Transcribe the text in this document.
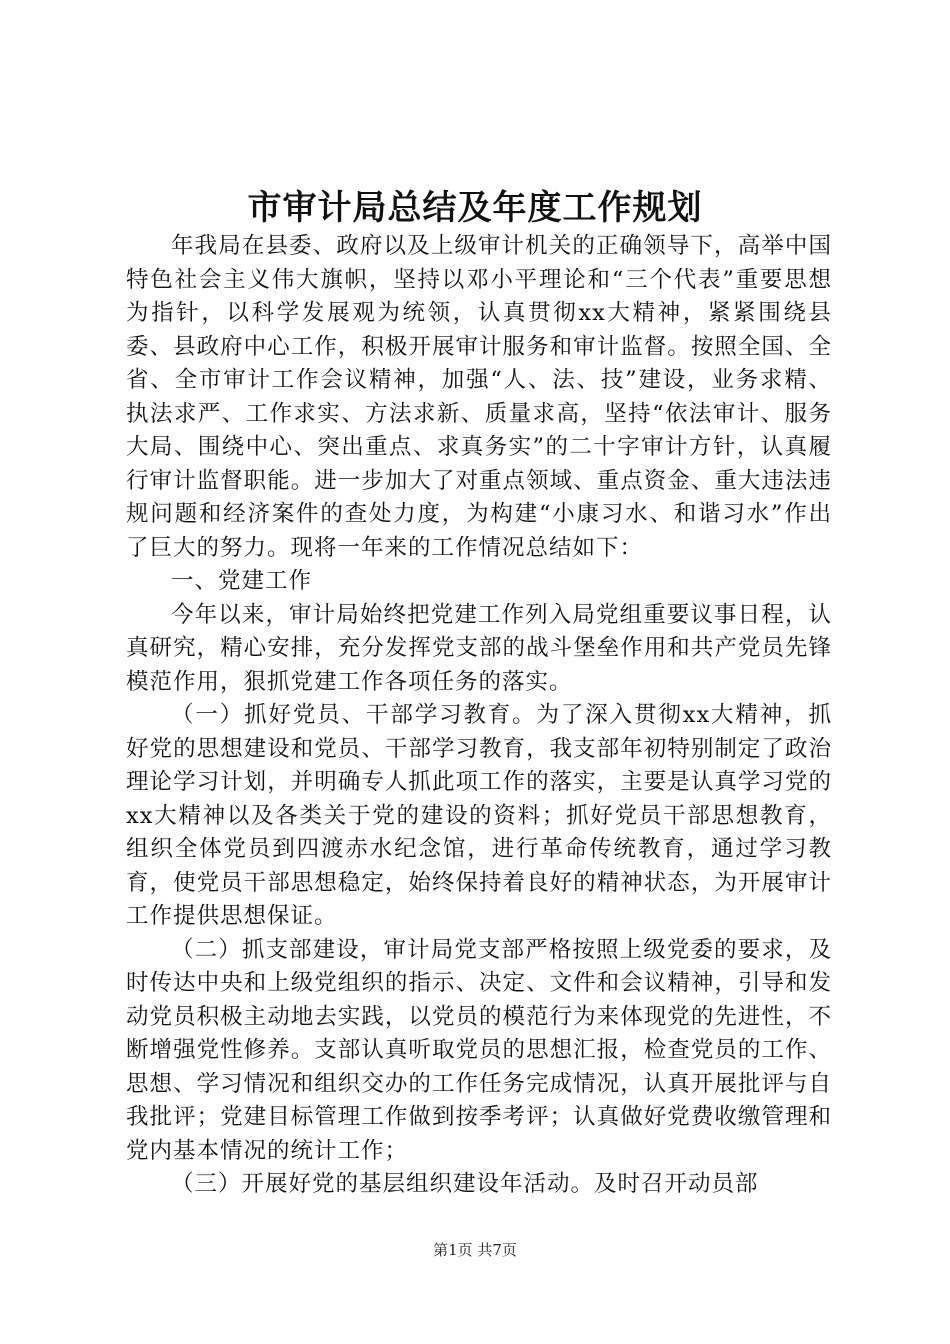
市审计局总结及年度工作规划

年我局在县委、政府以及上级审计机关的正确领导下，高举中国特色社会主义伟大旗帜，坚持以邓小平理论和“三个代表”重要思想为指针，以科学发展观为统领，认真贯彻xx大精神，紧紧围绕县委、县政府中心工作，积极开展审计服务和审计监督。按照全国、全省、全市审计工作会议精神，加强“人、法、技”建设，业务求精、执法求严、工作求实、方法求新、质量求高，坚持“依法审计、服务大局、围绕中心、突出重点、求真务实”的二十字审计方针，认真履行审计监督职能。进一步加大了对重点领域、重点资金、重大违法违规问题和经济案件的查处力度，为构建“小康习水、和谐习水”作出了巨大的努力。现将一年来的工作情况总结如下：

一、党建工作

今年以来，审计局始终把党建工作列入局党组重要议事日程，认真研究，精心安排，充分发挥党支部的战斗堡垒作用和共产党员先锋模范作用，狠抓党建工作各项任务的落实。

（一）抓好党员、干部学习教育。为了深入贯彻xx大精神，抓好党的思想建设和党员、干部学习教育，我支部年初特别制定了政治理论学习计划，并明确专人抓此项工作的落实，主要是认真学习党的xx大精神以及各类关于党的建设的资料；抓好党员干部思想教育，组织全体党员到四渡赤水纪念馆，进行革命传统教育，通过学习教育，使党员干部思想稳定，始终保持着良好的精神状态，为开展审计工作提供思想保证。

（二）抓支部建设，审计局党支部严格按照上级党委的要求，及时传达中央和上级党组织的指示、决定、文件和会议精神，引导和发动党员积极主动地去实践，以党员的模范行为来体现党的先进性，不断增强党性修养。支部认真听取党员的思想汇报，检查党员的工作、思想、学习情况和组织交办的工作任务完成情况，认真开展批评与自我批评；党建目标管理工作做到按季考评；认真做好党费收缴管理和党内基本情况的统计工作；

（三）开展好党的基层组织建设年活动。及时召开动员部

第1页 共7页
